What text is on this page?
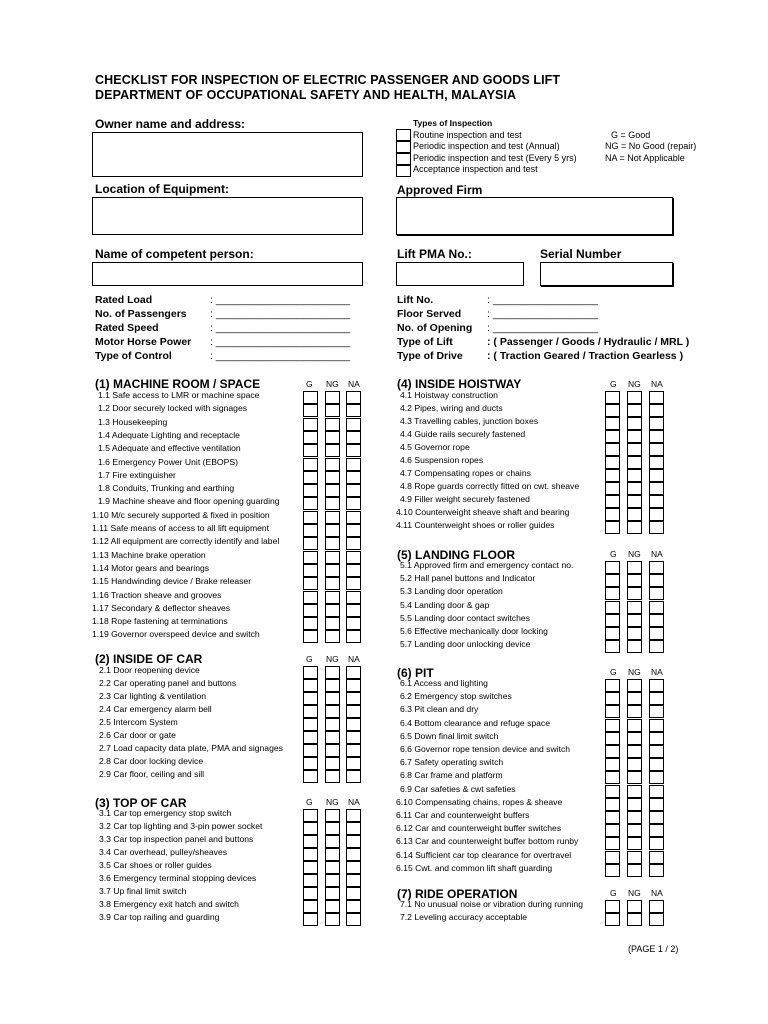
CHECKLIST FOR INSPECTION OF ELECTRIC PASSENGER AND GOODS LIFT
DEPARTMENT OF OCCUPATIONAL SAFETY AND HEALTH, MALAYSIA
Owner name and address:	Types of Inspection
Routine inspection and test
Periodic inspection and test (Annual)
Periodic inspection and test (Every 5 yrs)
Acceptance inspection and test
G = Good
NG = No Good (repair)
NA = Not Applicable
Location of Equipment:	Approved Firm
Name of competent person:	Lift PMA No.:	Serial Number
Rated Load	: _______________________
No. of Passengers : _______________________
Rated Speed	: _______________________
Motor Horse Power : _______________________
Type of Control	: _______________________
Lift No.	: __________________
Floor Served : __________________
No. of Opening : __________________
Type of Lift	: ( Passenger / Goods / Hydraulic / MRL )
Type of Drive : ( Traction Geared / Traction Gearless )
(1) MACHINE ROOM / SPACE	G NG NA
(2) INSIDE OF CAR	G NG NA
(3) TOP OF CAR	G NG NA
(4) INSIDE HOISTWAY	G NG NA
(5) LANDING FLOOR	G NG NA
(6) PIT	G NG NA
(7) RIDE OPERATION	G NG NA
1.1 Safe access to LMR or machine space
1.2 Door securely locked with signages
1.3 Housekeeping
1.4 Adequate Lighting and receptacle
1.5 Adequate and effective ventilation
1.6 Emergency Power Unit (EBOPS)
1.7 Fire extinguisher
1.8 Conduits, Trunking and earthing
1.9 Machine sheave and floor opening guarding
1.10 M/c securely supported & fixed in position
1.11 Safe means of access to all lift equipment
1.12 All equipment are correctly identify and label
1.13 Machine brake operation
1.14 Motor gears and bearings
1.15 Handwinding device / Brake releaser
1.16 Traction sheave and grooves
1.17 Secondary & deflector sheaves
1.18 Rope fastening at terminations
1.19 Governor overspeed device and switch
2.1 Door reopening device
2.2 Car operating panel and buttons
2.3 Car lighting & ventilation
2.4 Car emergency alarm bell
2.5 Intercom System
2.6 Car door or gate
2.7 Load capacity data plate, PMA and signages
2.8 Car door locking device
2.9 Car floor, ceiling and sill
3.1 Car top emergency stop switch
3.2 Car top lighting and 3-pin power socket
3.3 Car top inspection panel and buttons
3.4 Car overhead, pulley/sheaves
3.5 Car shoes or roller guides
3.6 Emergency terminal stopping devices
3.7 Up final limit switch
3.8 Emergency exit hatch and switch
3.9 Car top railing and guarding
4.1 Hoistway construction
4.2 Pipes, wiring and ducts
4.3 Travelling cables, junction boxes
4.4 Guide rails securely fastened
4.5 Governor rope
4.6 Suspension ropes
4.7 Compensating ropes or chains
4.8 Rope guards correctly fitted on cwt. sheave
4.9 Filler weight securely fastened
4.10 Counterweight sheave shaft and bearing
4.11 Counterweight shoes or roller guides
5.1 Approved firm and emergency contact no.
5.2 Hall panel buttons and Indicator
5.3 Landing door operation
5.4 Landing door & gap
5.5 Landing door contact switches
5.6 Effective mechanically door locking
5.7 Landing door unlocking device
6.1 Access and lighting
6.2 Emergency stop switches
6.3 Pit clean and dry
6.4 Bottom clearance and refuge space
6.5 Down final limit switch
6.6 Governor rope tension device and switch
6.7 Safety operating switch
6.8 Car frame and platform
6.9 Car safeties & cwt safeties
6.10 Compensating chains, ropes & sheave
6.11 Car and counterweight buffers
6.12 Car and counterweight buffer switches
6.13 Car and counterweight buffer bottom runby
6.14 Sufficient car top clearance for overtravel
6.15 Cwt. and common lift shaft guarding
7.1 No unusual noise or vibration during running
7.2 Leveling accuracy acceptable
(PAGE 1 / 2)
